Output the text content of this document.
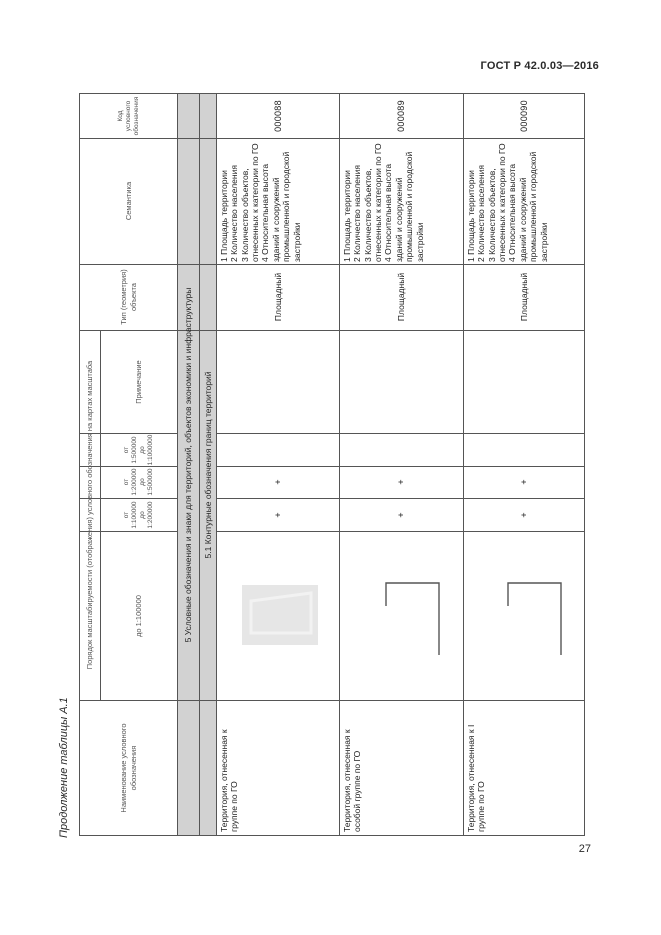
ГОСТ Р 42.0.03—2016
Продолжение таблицы А.1
27
Код условного обозначения
Семантика
Тип (геометрия) объекта
Порядок масштабируемости (отображения) условного обозначения на картах масштаба	Примечание
от 1:500000 до 1:1000000
от 1:200000 до 1:500000
от 1:100000 до 1:200000
до 1:100000
Наименование условного обозначения
5 Условные обозначения и знаки для территорий, объектов экономики и инфраструктуры	5.1 Контурные обозначения границ территорий
000088
1 Площадь территории
2 Количество населения
3 Количество объектов, отнесенных к категории по ГО
4 Относительная высота зданий и сооружений промышленной и городской застройки
Площадный
+
+
Территория, отнесенная к группе по ГО
000089
1 Площадь территории
2 Количество населения
3 Количество объектов, отнесенных к категории по ГО
4 Относительная высота зданий и сооружений промышленной и городской застройки
Площадный
+
+
Территория, отнесенная к особой группе по ГО
000090
1 Площадь территории
2 Количество населения
3 Количество объектов, отнесенных к категории по ГО
4 Относительная высота зданий и сооружений промышленной и городской застройки
Площадный
+
+
Территория, отнесенная к I группе по ГО
